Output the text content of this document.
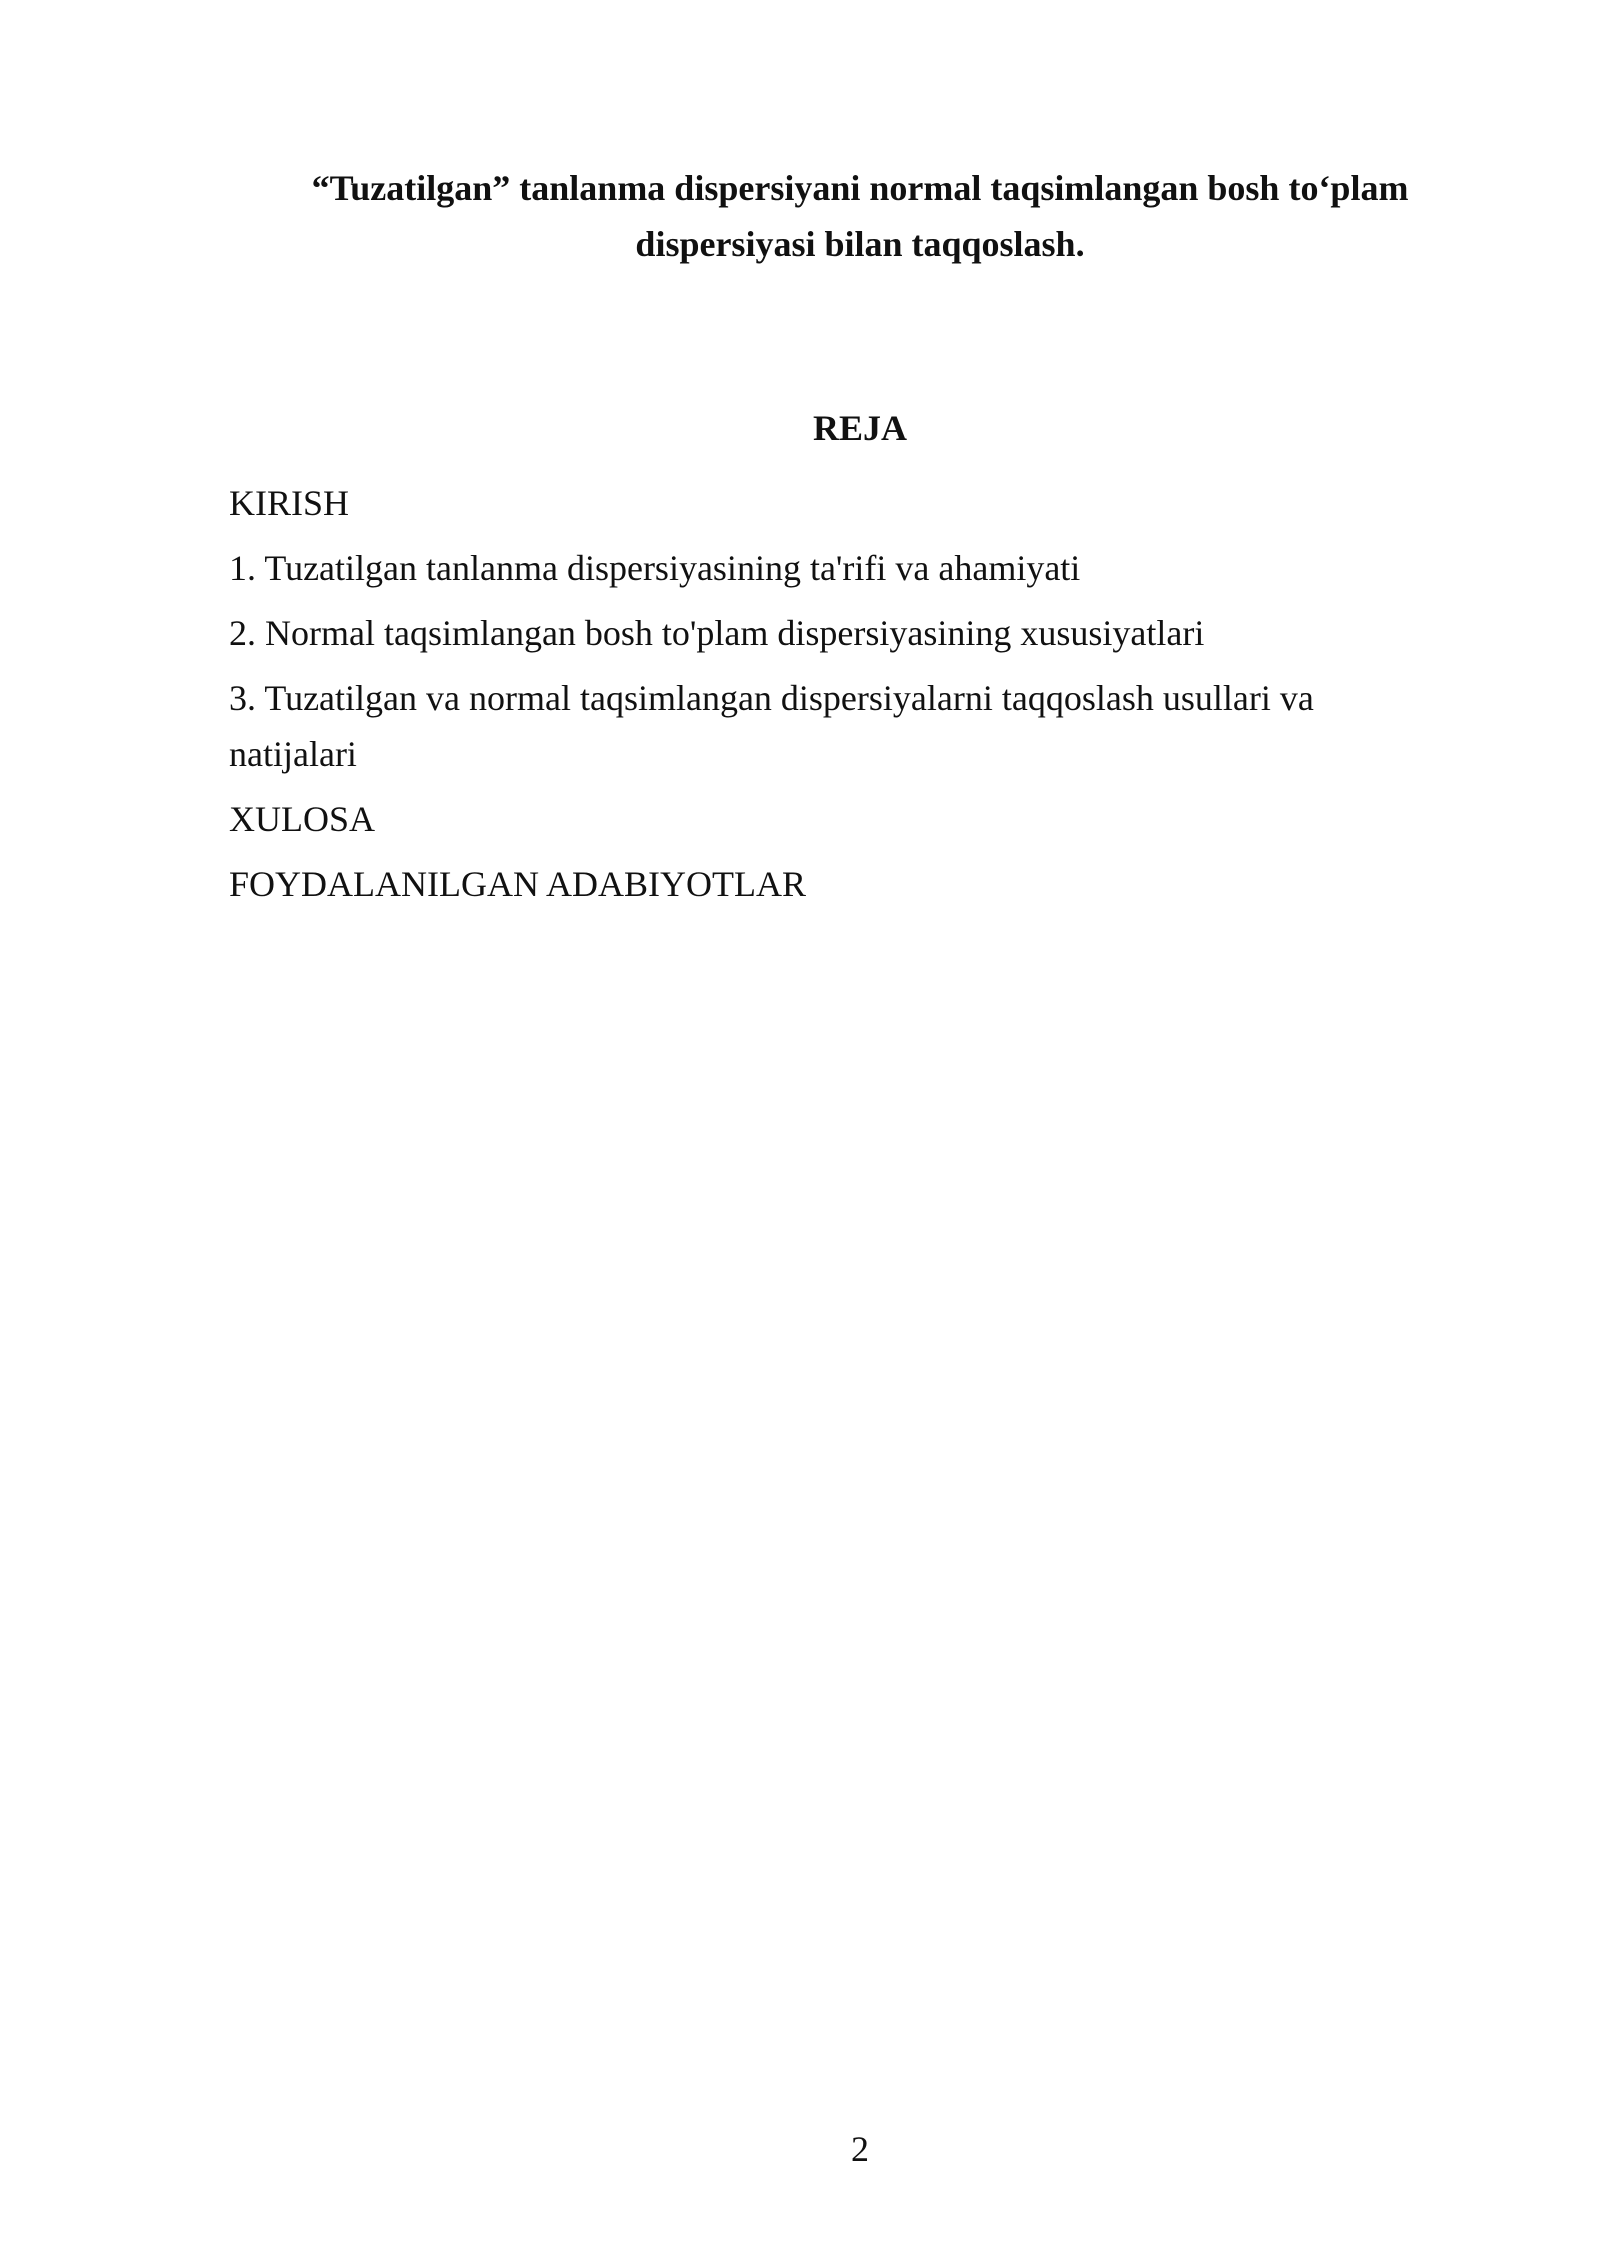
“Tuzatilgan” tanlanma dispersiyani normal taqsimlangan bosh to‘plam dispersiyasi bilan taqqoslash.
REJA
KIRISH
1. Tuzatilgan tanlanma dispersiyasining ta'rifi va ahamiyati
2. Normal taqsimlangan bosh to'plam dispersiyasining xususiyatlari
3. Tuzatilgan va normal taqsimlangan dispersiyalarni taqqoslash usullari va natijalari
XULOSA
FOYDALANILGAN ADABIYOTLAR
2
